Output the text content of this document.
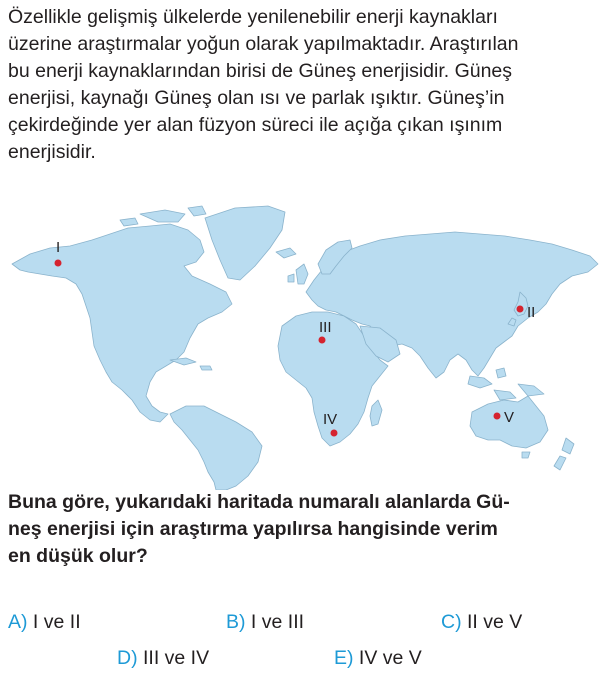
Özellikle gelişmiş ülkelerde yenilenebilir enerji kaynakları
üzerine araştırmalar yoğun olarak yapılmaktadır. Araştırılan
bu enerji kaynaklarından birisi de Güneş enerjisidir. Güneş
enerjisi, kaynağı Güneş olan ısı ve parlak ışıktır. Güneş’in
çekirdeğinde yer alan füzyon süreci ile açığa çıkan ışınım
enerjisidir.

I
II
III
IV	V

Buna göre, yukarıdaki haritada numaralı alanlarda Gü-
neş enerjisi için araştırma yapılırsa hangisinde verim
en düşük olur?

A) I ve II	B) I ve III	C) II ve V
D) III ve IV	E) IV ve V
